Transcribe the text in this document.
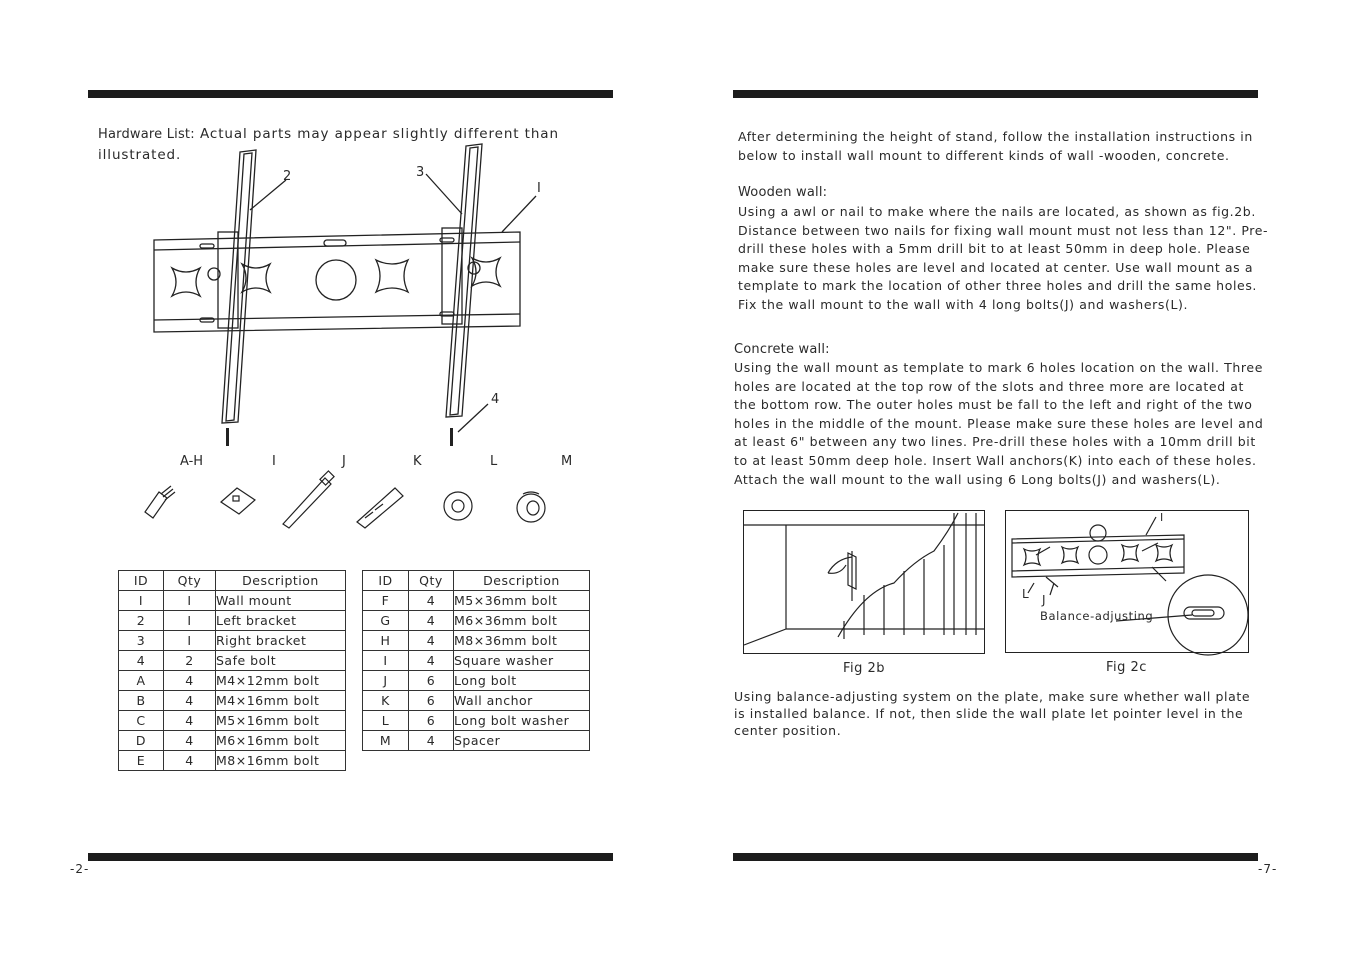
Hardware List: Actual parts may appear slightly different than illustrated.
2	3
I
4
A-H	I	J	K	L	M
ID	Qty	Description
I	I	Wall mount
2	I	Left bracket
3	I	Right bracket
4	2	Safe bolt
A	4	M4×12mm bolt
B	4	M4×16mm bolt
C	4	M5×16mm bolt
D	4	M6×16mm bolt
E	4	M8×16mm bolt
ID	Qty	Description
F	4	M5×36mm bolt
G	4	M6×36mm bolt
H	4	M8×36mm bolt
I	4	Square washer
J	6	Long bolt
K	6	Wall anchor
L	6	Long bolt washer
M	4	Spacer
-2-
After determining the height of stand, follow the installation instructions in below to install wall mount to different kinds of wall -wooden, concrete.
Wooden wall:
Using a awl or nail to make where the nails are located, as shown as fig.2b. Distance between two nails for fixing wall mount must not less than 12". Pre-drill these holes with a 5mm drill bit to at least 50mm in deep hole. Please make sure these holes are level and located at center. Use wall mount as a template to mark the location of other three holes and drill the same holes. Fix the wall mount to the wall with 4 long bolts(J) and washers(L).
Concrete wall:
Using the wall mount as template to mark 6 holes location on the wall. Three holes are located at the top row of the slots and three more are located at the bottom row. The outer holes must be fall to the left and right of the two holes in the middle of the mount. Please make sure these holes are level and at least 6" between any two lines. Pre-drill these holes with a 10mm drill bit to at least 50mm deep hole. Insert Wall anchors(K) into each of these holes. Attach the wall mount to the wall using 6 Long bolts(J) and washers(L).
Fig 2b
I
L J
Balance-adjusting
Fig 2c
Using balance-adjusting system on the plate, make sure whether wall plate is installed balance. If not, then slide the wall plate let pointer level in the center position.
-7-
